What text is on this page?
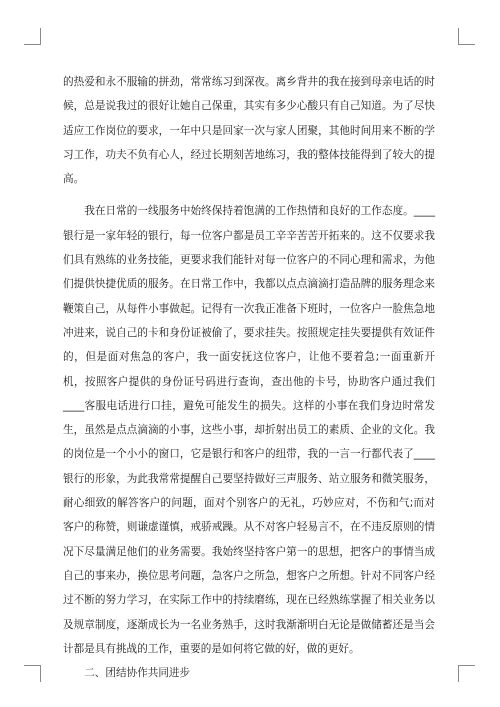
的热爱和永不服输的拼劲，常常练习到深夜。离乡背井的我在接到母亲电话的时候，总是说我过的很好让她自己保重，其实有多少心酸只有自己知道。为了尽快适应工作岗位的要求，一年中只是回家一次与家人团聚，其他时间用来不断的学习工作，功夫不负有心人，经过长期刻苦地练习，我的整体技能得到了较大的提高。

我在日常的一线服务中始终保持着饱满的工作热情和良好的工作态度。____银行是一家年轻的银行，每一位客户都是员工辛辛苦苦开拓来的。这不仅要求我们具有熟练的业务技能，更要求我们能针对每一位客户的不同心理和需求，为他们提供快捷优质的服务。在日常工作中，我都以点点滴滴打造品牌的服务理念来鞭策自己，从每件小事做起。记得有一次我正准备下班时，一位客户一脸焦急地冲进来，说自己的卡和身份证被偷了，要求挂失。按照规定挂失要提供有效证件的，但是面对焦急的客户，我一面安抚这位客户，让他不要着急;一面重新开机，按照客户提供的身份证号码进行查询，查出他的卡号，协助客户通过我们____客服电话进行口挂，避免可能发生的损失。这样的小事在我们身边时常发生，虽然是点点滴滴的小事，这些小事，却折射出员工的素质、企业的文化。我的岗位是一个小小的窗口，它是银行和客户的纽带，我的一言一行都代表了____银行的形象，为此我常常提醒自己要坚持做好三声服务、站立服务和微笑服务，耐心细致的解答客户的问题，面对个别客户的无礼，巧妙应对，不伤和气;而对客户的称赞，则谦虚谨慎，戒骄戒躁。从不对客户轻易言不，在不违反原则的情况下尽量满足他们的业务需要。我始终坚持客户第一的思想，把客户的事情当成自己的事来办，换位思考问题，急客户之所急，想客户之所想。针对不同客户经过不断的努力学习，在实际工作中的持续磨练，现在已经熟练掌握了相关业务以及规章制度，逐渐成长为一名业务熟手，这时我渐渐明白无论是做储蓄还是当会计都是具有挑战的工作，重要的是如何将它做的好，做的更好。

二、团结协作共同进步
